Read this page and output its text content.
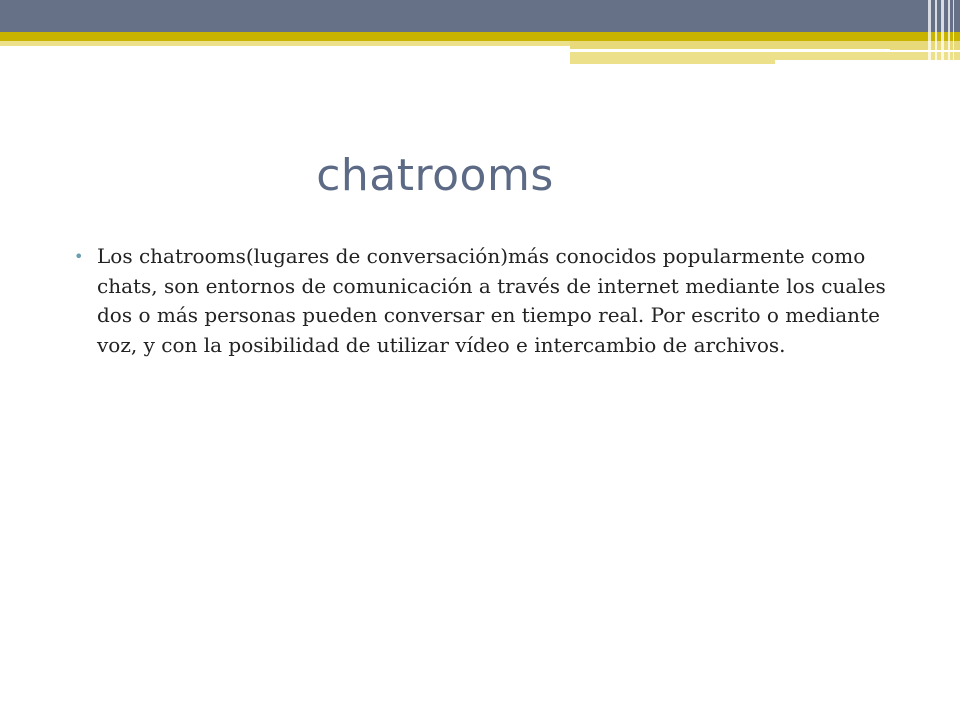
chatrooms
• Los chatrooms(lugares de conversación)más conocidos popularmente como chats, son entornos de comunicación a través de internet mediante los cuales dos o más personas pueden conversar en tiempo real. Por escrito o mediante voz, y con la posibilidad de utilizar vídeo e intercambio de archivos.
